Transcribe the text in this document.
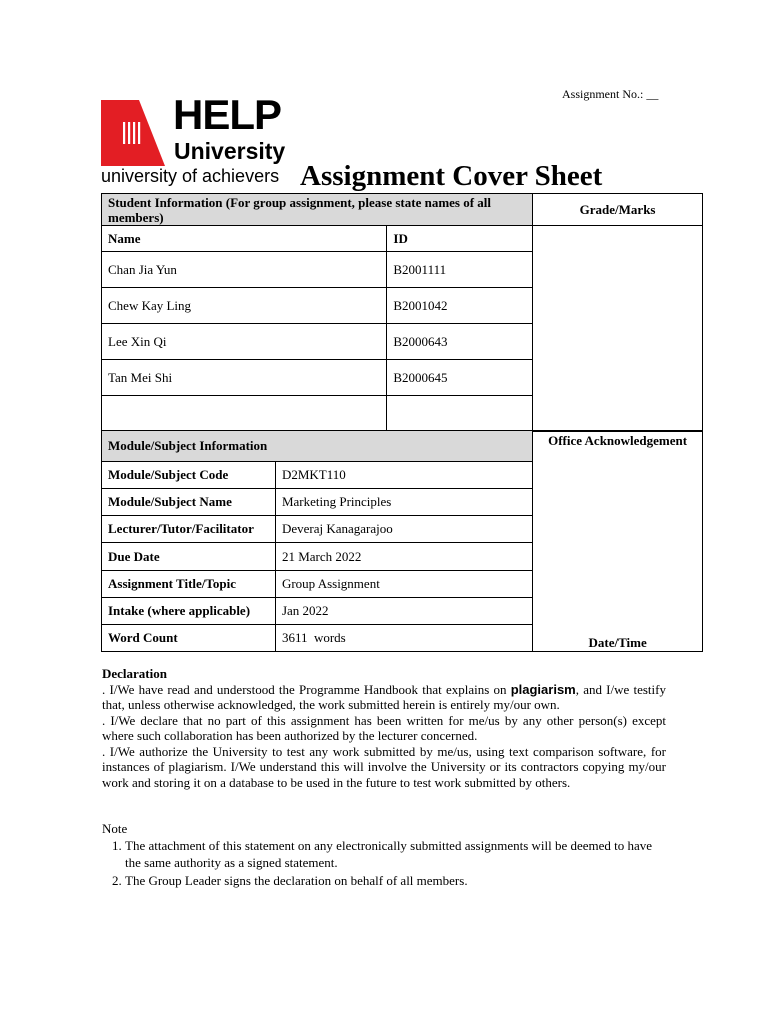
Assignment No.: __
HELP
University
university of achievers Assignment Cover Sheet
Student Information (For group assignment, please state names of all members)		Grade/Marks
Name	ID	
Chan Jia Yun	B2001111	
Chew Kay Ling	B2001042	
Lee Xin Qi	B2000643	
Tan Mei Shi	B2000645	

Module/Subject Information		Office Acknowledgement
Date/Time

Module/Subject Code	D2MKT110	
Module/Subject Name	Marketing Principles	
Lecturer/Tutor/Facilitator	Deveraj Kanagarajoo	
Due Date	21 March 2022	
Assignment Title/Topic	Group Assignment	
Intake (where applicable)	Jan 2022	
Word Count	3611  words	

Declaration

. I/We have read and understood the Programme Handbook that explains on plagiarism, and I/we testify that, unless otherwise acknowledged, the work submitted herein is entirely my/our own.

. I/We declare that no part of this assignment has been written for me/us by any other person(s) except where such collaboration has been authorized by the lecturer concerned.

. I/We authorize the University to test any work submitted by me/us, using text comparison software, for instances of plagiarism. I/We understand this will involve the University or its contractors copying my/our work and storing it on a database to be used in the future to test work submitted by others.

Note
1. The attachment of this statement on any electronically submitted assignments will be deemed to have the same authority as a signed statement.
2. The Group Leader signs the declaration on behalf of all members.
